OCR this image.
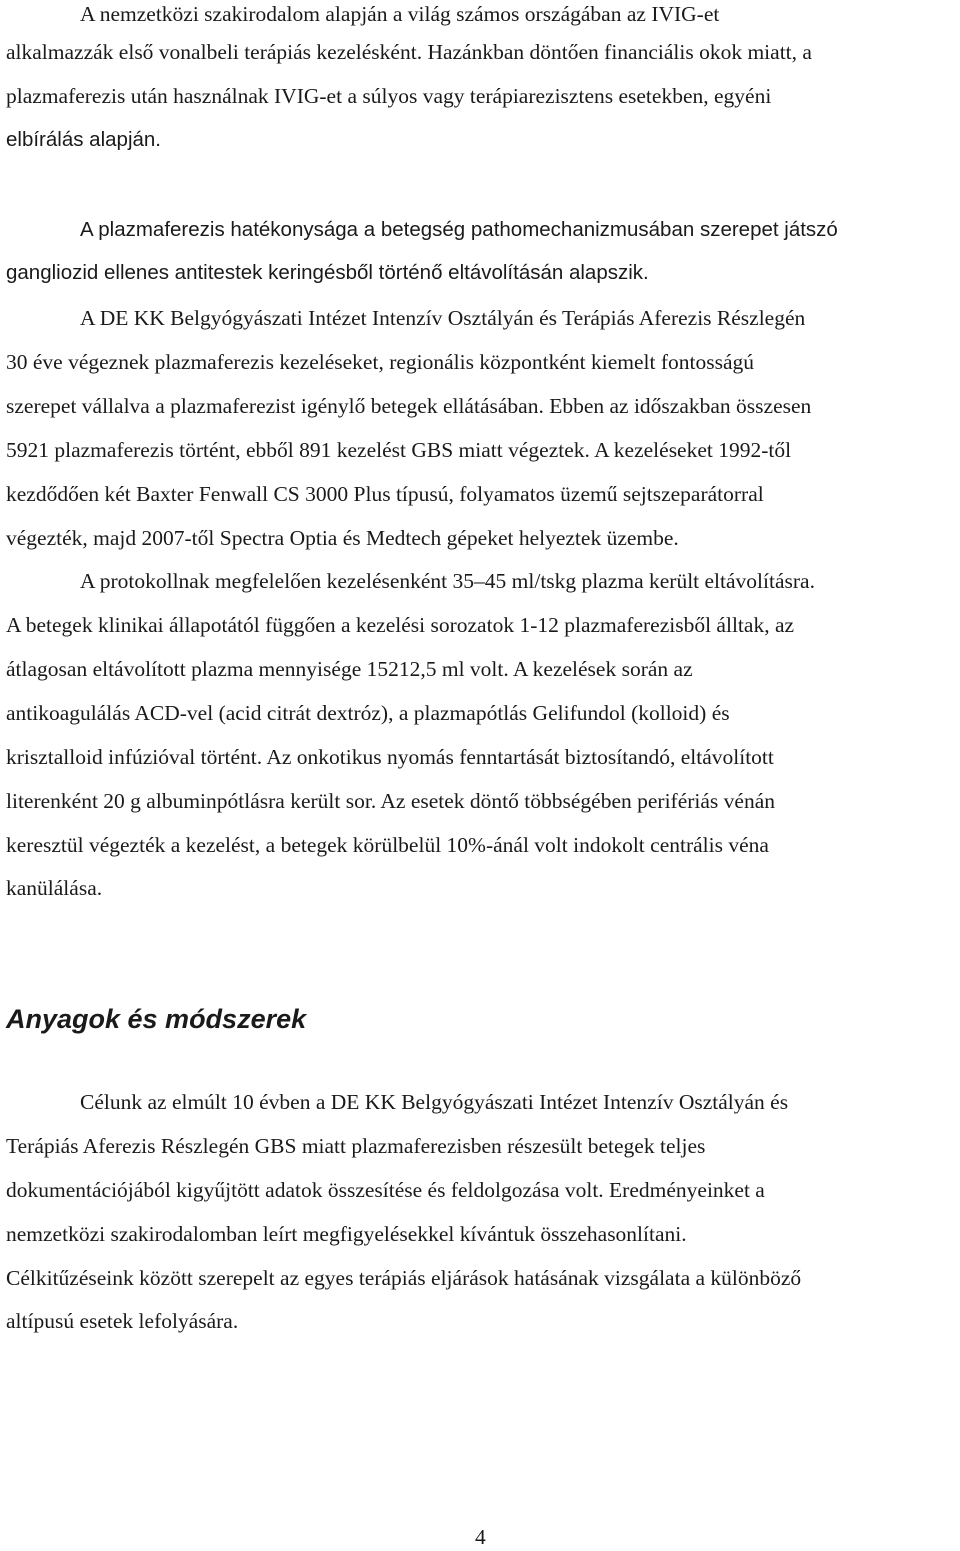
A nemzetközi szakirodalom alapján a világ számos országában az IVIG-et
alkalmazzák első vonalbeli terápiás kezelésként. Hazánkban döntően financiális okok miatt, a
plazmaferezis után használnak IVIG-et a súlyos vagy terápiarezisztens esetekben, egyéni
elbírálás alapján.
A plazmaferezis hatékonysága a betegség pathomechanizmusában szerepet játszó
gangliozid ellenes antitestek keringésből történő eltávolításán alapszik.
A DE KK Belgyógyászati Intézet Intenzív Osztályán és Terápiás Aferezis Részlegén
30 éve végeznek plazmaferezis kezeléseket, regionális központként kiemelt fontosságú
szerepet vállalva a plazmaferezist igénylő betegek ellátásában. Ebben az időszakban összesen
5921 plazmaferezis történt, ebből 891 kezelést GBS miatt végeztek. A kezeléseket 1992-től
kezdődően két Baxter Fenwall CS 3000 Plus típusú, folyamatos üzemű sejtszeparátorral
végezték, majd 2007-től Spectra Optia és Medtech gépeket helyeztek üzembe.
A protokollnak megfelelően kezelésenként 35–45 ml/tskg plazma került eltávolításra.
A betegek klinikai állapotától függően a kezelési sorozatok 1-12 plazmaferezisből álltak, az
átlagosan eltávolított plazma mennyisége 15212,5 ml volt. A kezelések során az
antikoagulálás ACD-vel (acid citrát dextróz), a plazmapótlás Gelifundol (kolloid) és
krisztalloid infúzióval történt. Az onkotikus nyomás fenntartását biztosítandó, eltávolított
literenként 20 g albuminpótlásra került sor. Az esetek döntő többségében perifériás vénán
keresztül végezték a kezelést, a betegek körülbelül 10%-ánál volt indokolt centrális véna
kanülálása.
Anyagok és módszerek
Célunk az elmúlt 10 évben a DE KK Belgyógyászati Intézet Intenzív Osztályán és
Terápiás Aferezis Részlegén GBS miatt plazmaferezisben részesült betegek teljes
dokumentációjából kigyűjtött adatok összesítése és feldolgozása volt. Eredményeinket a
nemzetközi szakirodalomban leírt megfigyelésekkel kívántuk összehasonlítani.
Célkitűzéseink között szerepelt az egyes terápiás eljárások hatásának vizsgálata a különböző
altípusú esetek lefolyására.
4
